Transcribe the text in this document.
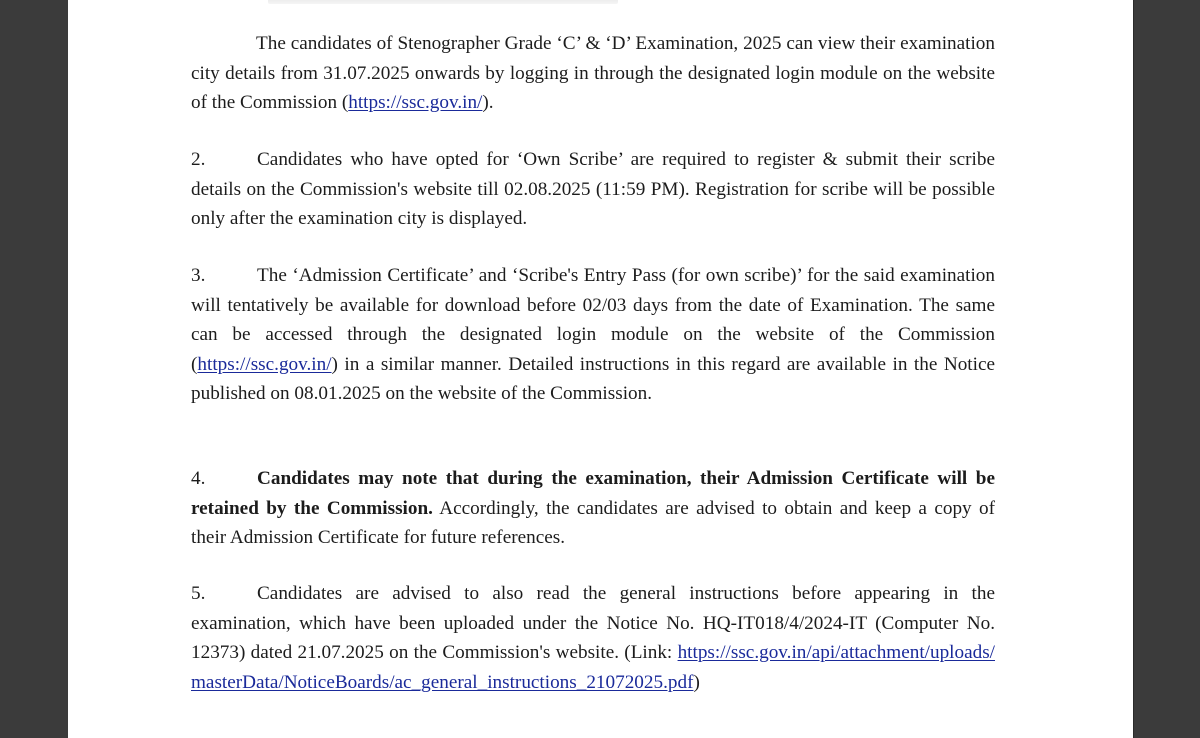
The candidates of Stenographer Grade ‘C’ & ‘D’ Examination, 2025 can view their examination city details from 31.07.2025 onwards by logging in through the designated login module on the website of the Commission (https://ssc.gov.in/).

2.	Candidates who have opted for ‘Own Scribe’ are required to register & submit their scribe details on the Commission's website till 02.08.2025 (11:59 PM). Registration for scribe will be possible only after the examination city is displayed.

3.	The ‘Admission Certificate’ and ‘Scribe's Entry Pass (for own scribe)’ for the said examination will tentatively be available for download before 02/03 days from the date of Examination. The same can be accessed through the designated login module on the website of the Commission (https://ssc.gov.in/) in a similar manner. Detailed instructions in this regard are available in the Notice published on 08.01.2025 on the website of the Commission.

4.	Candidates may note that during the examination, their Admission Certificate will be retained by the Commission. Accordingly, the candidates are advised to obtain and keep a copy of their Admission Certificate for future references.

5.	Candidates are advised to also read the general instructions before appearing in the examination, which have been uploaded under the Notice No. HQ-IT018/4/2024-IT (Computer No. 12373) dated 21.07.2025 on the Commission's website. (Link: https://ssc.gov.in/api/attachment/uploads/masterData/NoticeBoards/ac_general_instructions_21072025.pdf)
